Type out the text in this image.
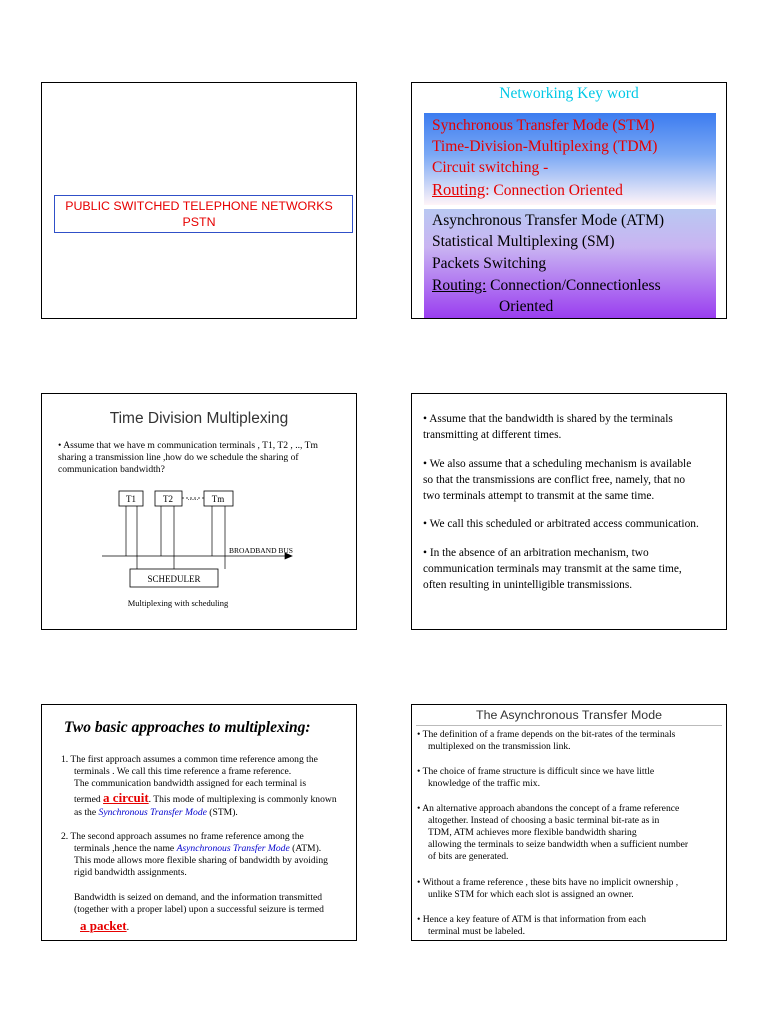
PUBLIC SWITCHED TELEPHONE NETWORKS

PSTN

Networking Key word

Synchronous Transfer Mode (STM)

Time-Division-Multiplexing (TDM)

Circuit switching -

Routing: Connection Oriented

Asynchronous Transfer Mode (ATM)

Statistical Multiplexing (SM)

Packets Switching

Routing: Connection/Connectionless

Oriented

Time Division Multiplexing

• Assume that we have m communication terminals , T1, T2 , .., Tm

sharing a transmission line ,how do we schedule the sharing of

communication bandwidth?

T1	T2	Tm
......
SCHEDULER
BROADBAND BUS
Multiplexing with scheduling

• Assume that the bandwidth is shared by the terminals

transmitting at different times.

• We also assume that a scheduling mechanism is available

so that the transmissions are conflict free, namely, that no

two terminals attempt to transmit at the same time.

• We call this scheduled or arbitrated access communication.

• In the absence of an arbitration mechanism, two

communication terminals may transmit at the same time,

often resulting in unintelligible transmissions.

Two basic approaches to multiplexing:

1. The first approach assumes a common time reference among the

terminals . We call this time reference a frame reference.

The communication bandwidth assigned for each terminal is

termed a circuit. This mode of multiplexing is commonly known

as the Synchronous Transfer Mode (STM).

2. The second approach assumes no frame reference among the

terminals ,hence the name Asynchronous Transfer Mode (ATM).

This mode allows more flexible sharing of bandwidth by avoiding

rigid bandwidth assignments.

Bandwidth is seized on demand, and the information transmitted

(together with a proper label) upon a successful seizure is termed

a packet.

The Asynchronous Transfer Mode

• The definition of a frame depends on the bit-rates of the terminals

multiplexed on the transmission link.

• The choice of frame structure is difficult since we have little

knowledge of the traffic mix.

• An alternative approach abandons the concept of a frame reference

altogether. Instead of choosing a basic terminal bit-rate as in

TDM, ATM achieves more flexible bandwidth sharing

allowing the terminals to seize bandwidth when a sufficient number

of bits are generated.

• Without a frame reference , these bits have no implicit ownership ,

unlike STM for which each slot is assigned an owner.

• Hence a key feature of ATM is that information from each

terminal must be labeled.
